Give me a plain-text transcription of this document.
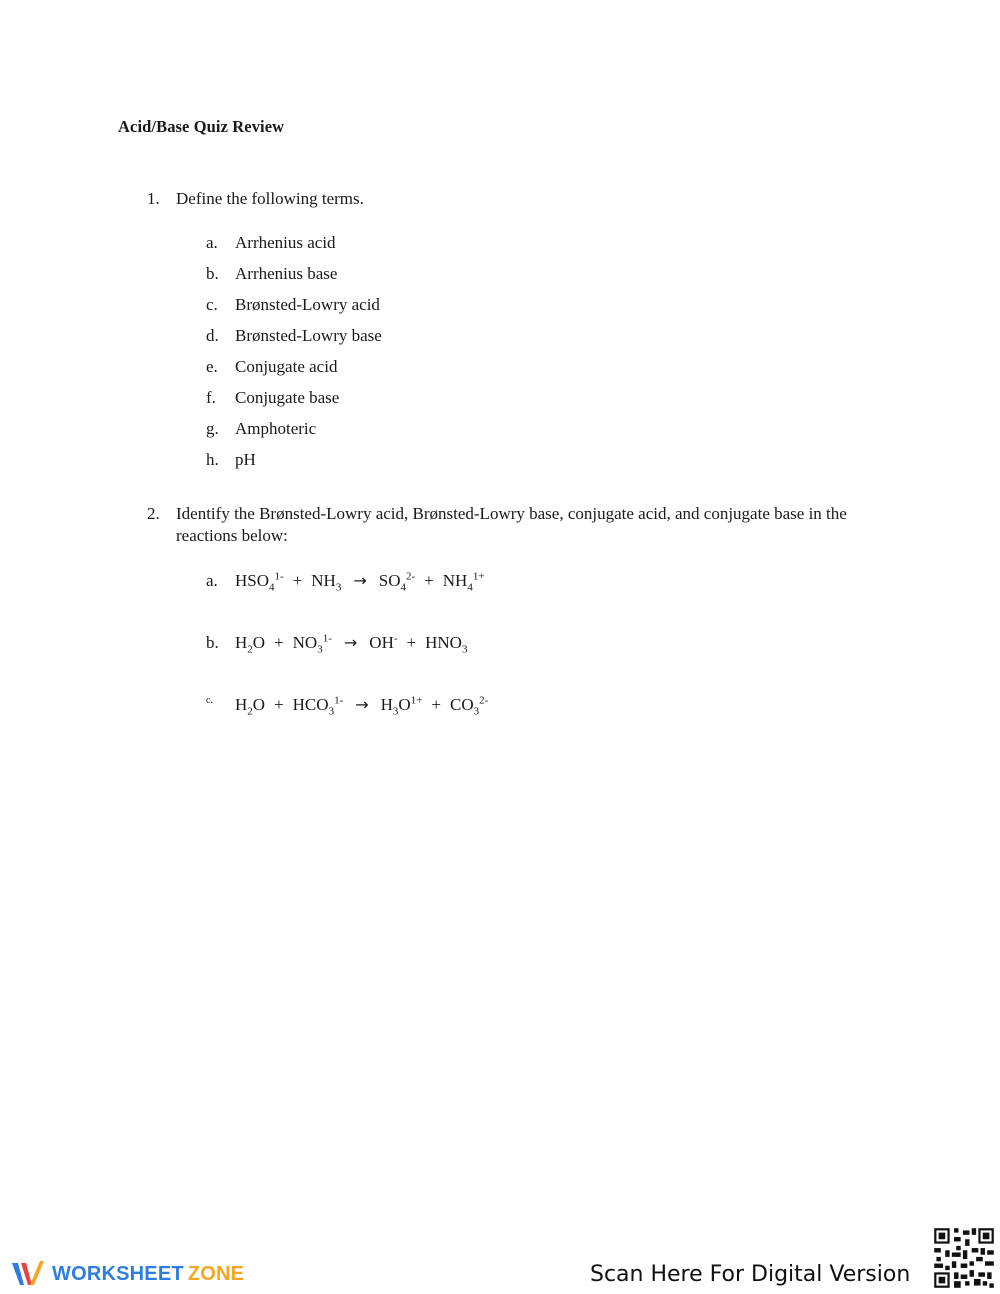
Acid/Base Quiz Review
1. Define the following terms.
a. Arrhenius acid
b. Arrhenius base
c. Brønsted-Lowry acid
d. Brønsted-Lowry base
e. Conjugate acid
f. Conjugate base
g. Amphoteric
h. pH
2. Identify the Brønsted-Lowry acid, Brønsted-Lowry base, conjugate acid, and conjugate base in the reactions below:
a. $HSO_4^{1-} + NH_3 \to SO_4^{2-} + NH_4^{1+}$
b. $H_2O + NO_3^{1-} \to OH^- + HNO_3$
c. $H_2O + HCO_3^{1-} \to H_3O^{1+} + CO_3^{2-}$
WORKSHEET ZONE	Scan Here For Digital Version
